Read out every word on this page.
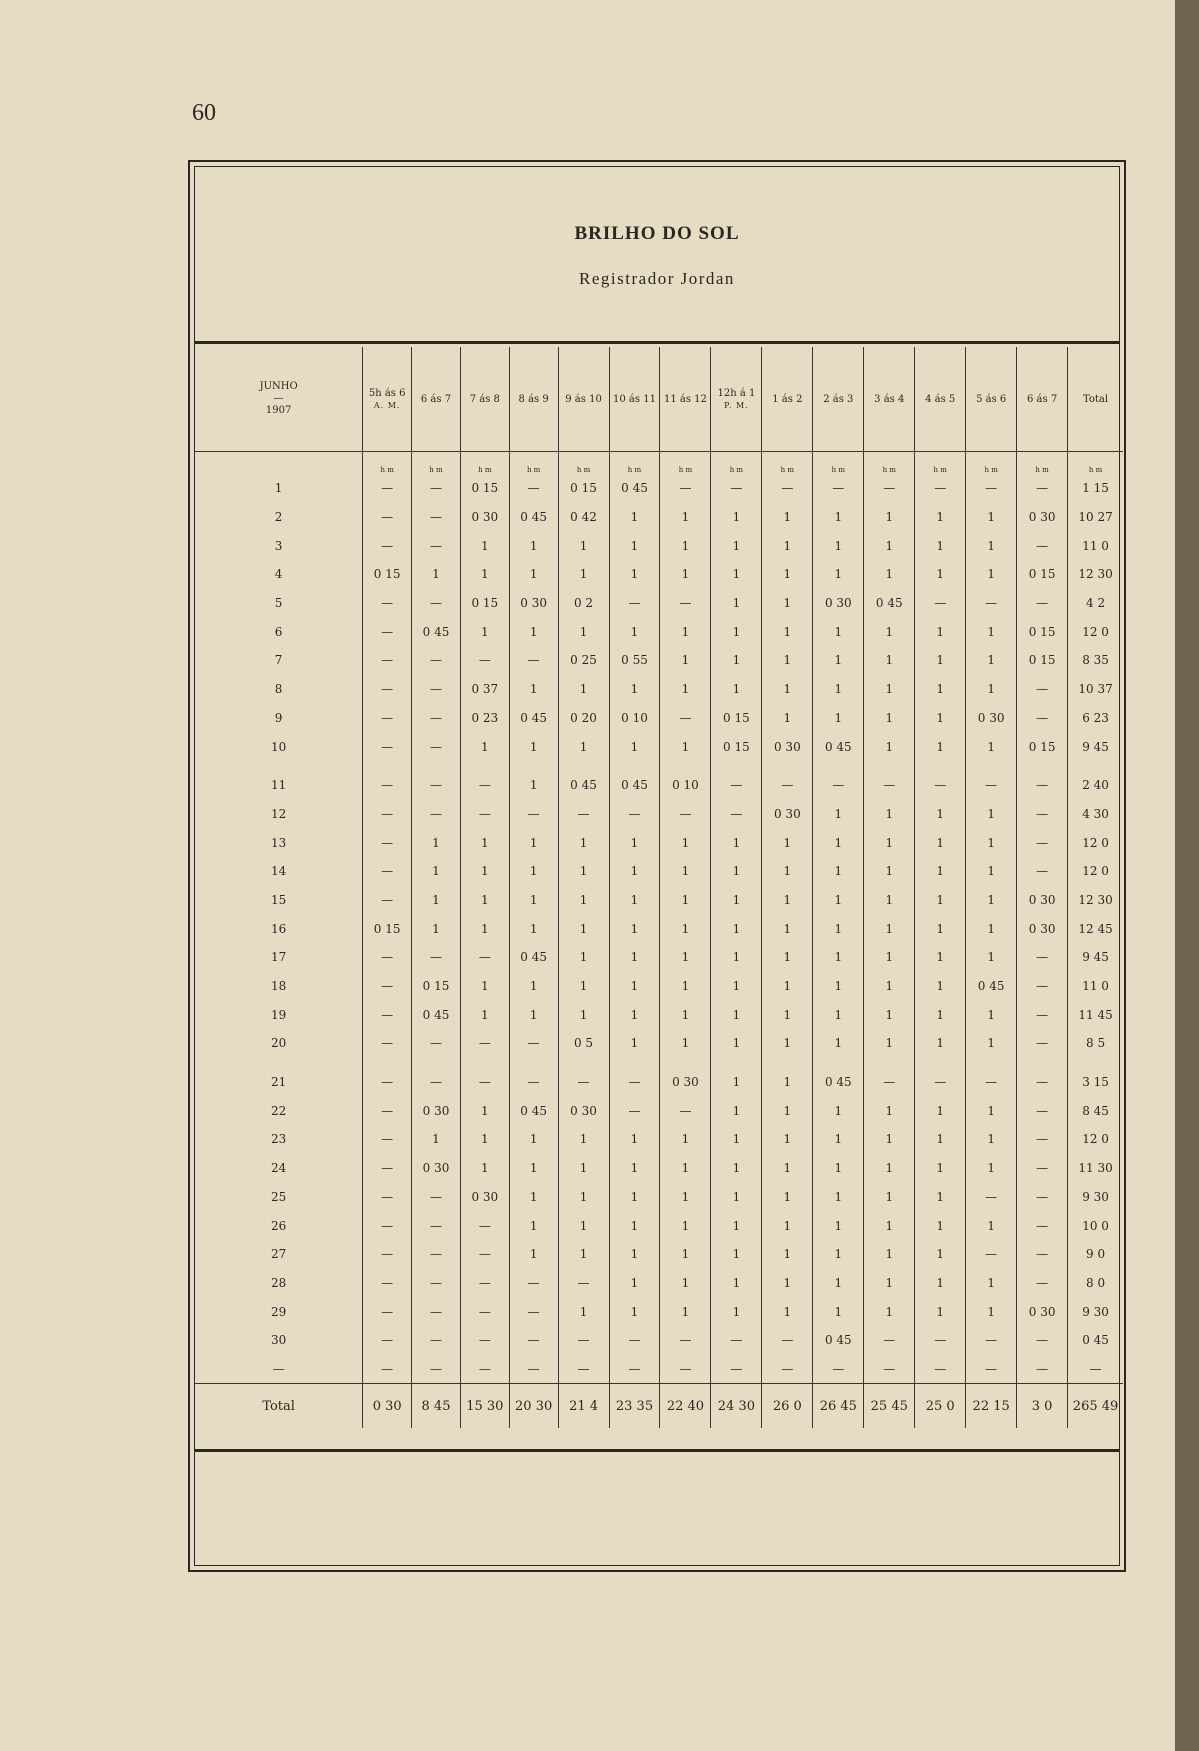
60
BRILHO DO SOL
Registrador Jordan
JUNHO
—
1907	5h ás 6
A. M.	6 ás 7	7 ás 8	8 ás 9	9 ás 10	10 ás 11	11 ás 12	12h á 1
P. M.	1 ás 2	2 ás 3	3 ás 4	4 ás 5	5 ás 6	6 ás 7	Total
	h m	h m	h m	h m	h m	h m	h m	h m	h m	h m	h m	h m	h m	h m	h m
1	—	—	0 15	—	0 15	0 45	—	—	—	—	—	—	—	—	1 15
2	—	—	0 30	0 45	0 42	1	1	1	1	1	1	1	1	0 30	10 27
3	—	—	1	1	1	1	1	1	1	1	1	1	1	—	11 0
4	0 15	1	1	1	1	1	1	1	1	1	1	1	1	0 15	12 30
5	—	—	0 15	0 30	0 2	—	—	1	1	0 30	0 45	—	—	—	4 2
6	—	0 45	1	1	1	1	1	1	1	1	1	1	1	0 15	12 0
7	—	—	—	—	0 25	0 55	1	1	1	1	1	1	1	0 15	8 35
8	—	—	0 37	1	1	1	1	1	1	1	1	1	1	—	10 37
9	—	—	0 23	0 45	0 20	0 10	—	0 15	1	1	1	1	0 30	—	6 23
10	—	—	1	1	1	1	1	0 15	0 30	0 45	1	1	1	0 15	9 45

11	—	—	—	1	0 45	0 45	0 10	—	—	—	—	—	—	—	2 40
12	—	—	—	—	—	—	—	—	0 30	1	1	1	1	—	4 30
13	—	1	1	1	1	1	1	1	1	1	1	1	1	—	12 0
14	—	1	1	1	1	1	1	1	1	1	1	1	1	—	12 0
15	—	1	1	1	1	1	1	1	1	1	1	1	1	0 30	12 30
16	0 15	1	1	1	1	1	1	1	1	1	1	1	1	0 30	12 45
17	—	—	—	0 45	1	1	1	1	1	1	1	1	1	—	9 45
18	—	0 15	1	1	1	1	1	1	1	1	1	1	0 45	—	11 0
19	—	0 45	1	1	1	1	1	1	1	1	1	1	1	—	11 45
20	—	—	—	—	0 5	1	1	1	1	1	1	1	1	—	8 5

21	—	—	—	—	—	—	0 30	1	1	0 45	—	—	—	—	3 15
22	—	0 30	1	0 45	0 30	—	—	1	1	1	1	1	1	—	8 45
23	—	1	1	1	1	1	1	1	1	1	1	1	1	—	12 0
24	—	0 30	1	1	1	1	1	1	1	1	1	1	1	—	11 30
25	—	—	0 30	1	1	1	1	1	1	1	1	1	—	—	9 30
26	—	—	—	1	1	1	1	1	1	1	1	1	1	—	10 0
27	—	—	—	1	1	1	1	1	1	1	1	1	—	—	9 0
28	—	—	—	—	—	1	1	1	1	1	1	1	1	—	8 0
29	—	—	—	—	1	1	1	1	1	1	1	1	1	0 30	9 30
30	—	—	—	—	—	—	—	—	—	0 45	—	—	—	—	0 45
—	—	—	—	—	—	—	—	—	—	—	—	—	—	—	—
Total	0 30	8 45	15 30	20 30	21 4	23 35	22 40	24 30	26 0	26 45	25 45	25 0	22 15	3 0	265 49
